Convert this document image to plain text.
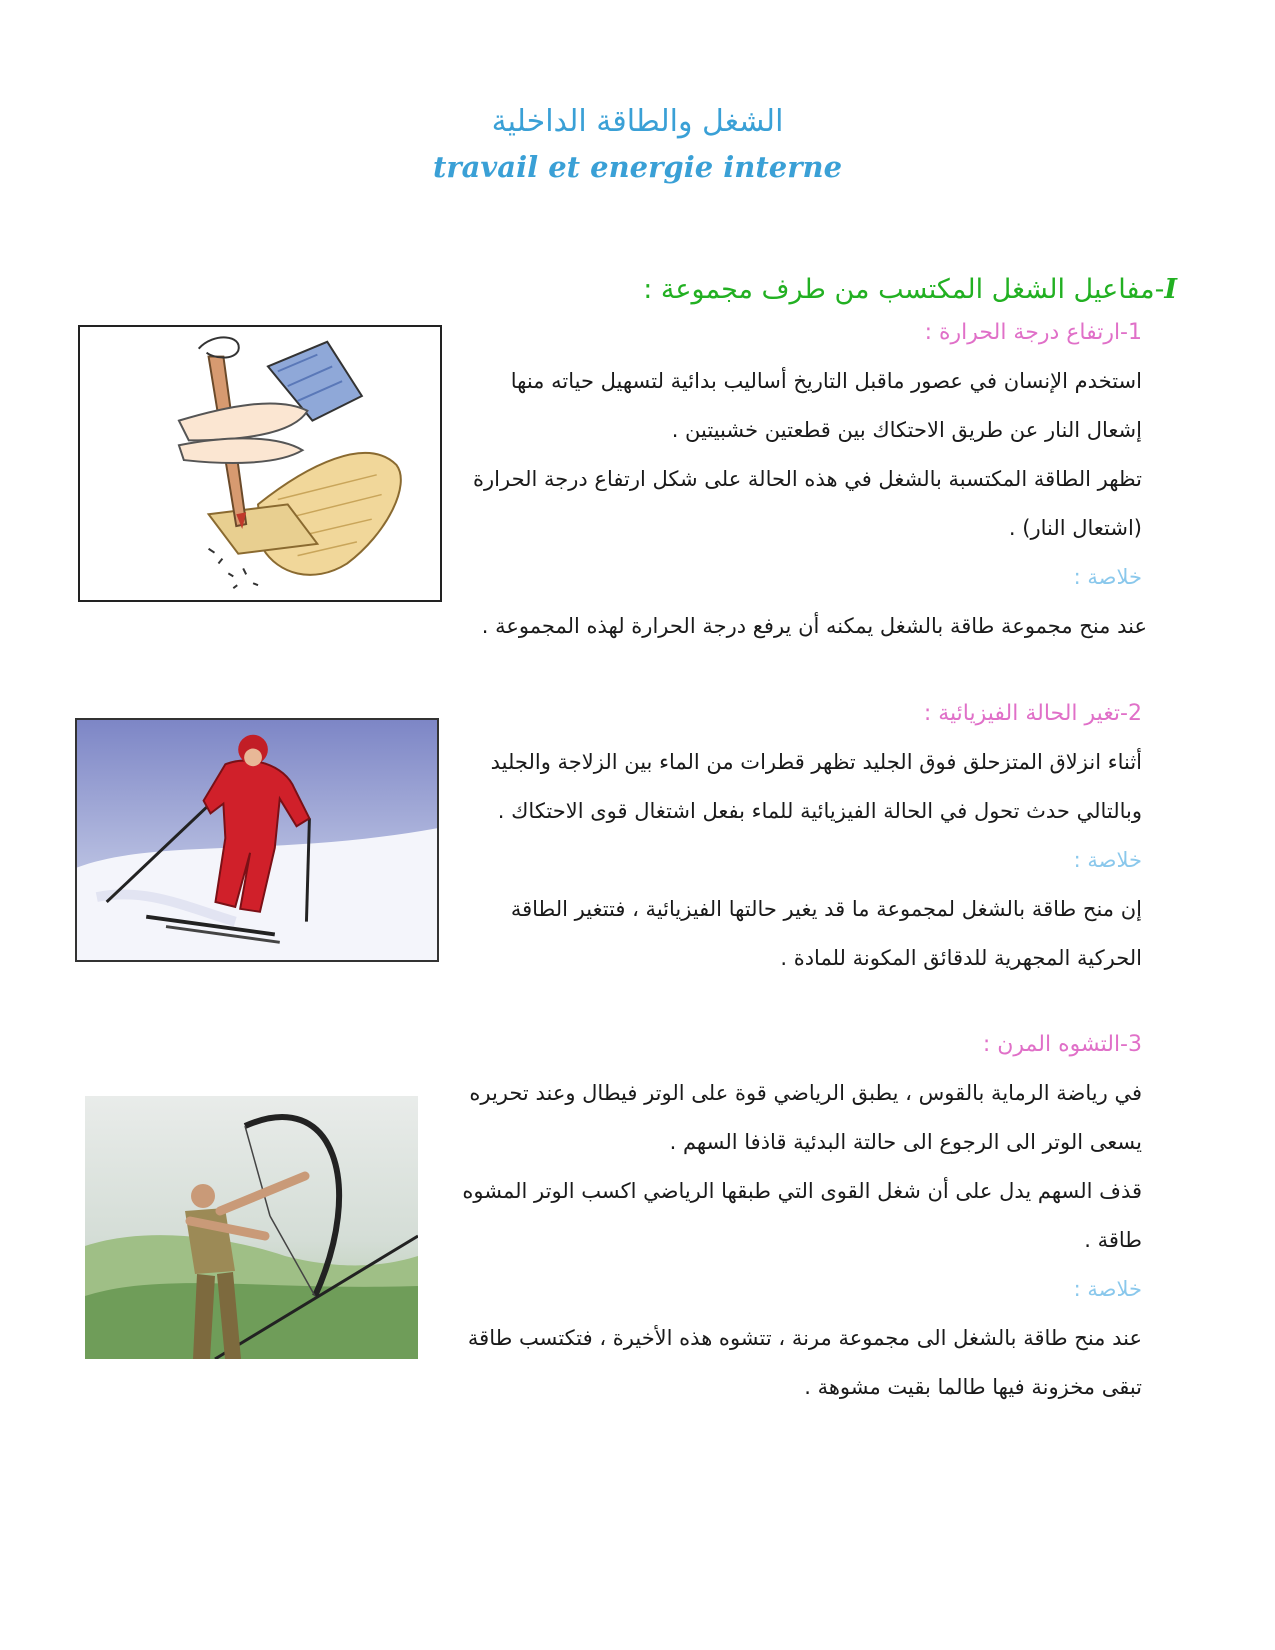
الشغل والطاقة الداخلية
travail et energie interne
I-مفاعيل الشغل المكتسب من طرف مجموعة :
1-ارتفاع درجة الحرارة :
استخدم الإنسان في عصور ماقبل التاريخ أساليب بدائية لتسهيل حياته منها
إشعال النار عن طريق الاحتكاك بين قطعتين خشبيتين .
تظهر الطاقة المكتسبة بالشغل في هذه الحالة على شكل ارتفاع درجة الحرارة
(اشتعال النار) .
خلاصة :
عند منح مجموعة طاقة بالشغل يمكنه أن يرفع درجة الحرارة لهذه المجموعة .
2-تغير الحالة الفيزيائية :
أثناء انزلاق المتزحلق فوق الجليد تظهر قطرات من الماء بين الزلاجة والجليد
وبالتالي حدث تحول في الحالة الفيزيائية للماء بفعل اشتغال قوى الاحتكاك .
خلاصة :
إن منح طاقة بالشغل لمجموعة ما قد يغير حالتها الفيزيائية ، فتتغير الطاقة
الحركية المجهرية للدقائق المكونة للمادة .
3-التشوه المرن :
في رياضة الرماية بالقوس ، يطبق الرياضي قوة على الوتر فيطال وعند تحريره
يسعى الوتر الى الرجوع الى حالتة البدئية قاذفا السهم .
قذف السهم يدل على أن شغل القوى التي طبقها الرياضي اكسب الوتر المشوه
طاقة .
خلاصة :
عند منح طاقة بالشغل الى مجموعة مرنة ، تتشوه هذه الأخيرة ، فتكتسب طاقة
تبقى مخزونة فيها طالما بقيت مشوهة .
